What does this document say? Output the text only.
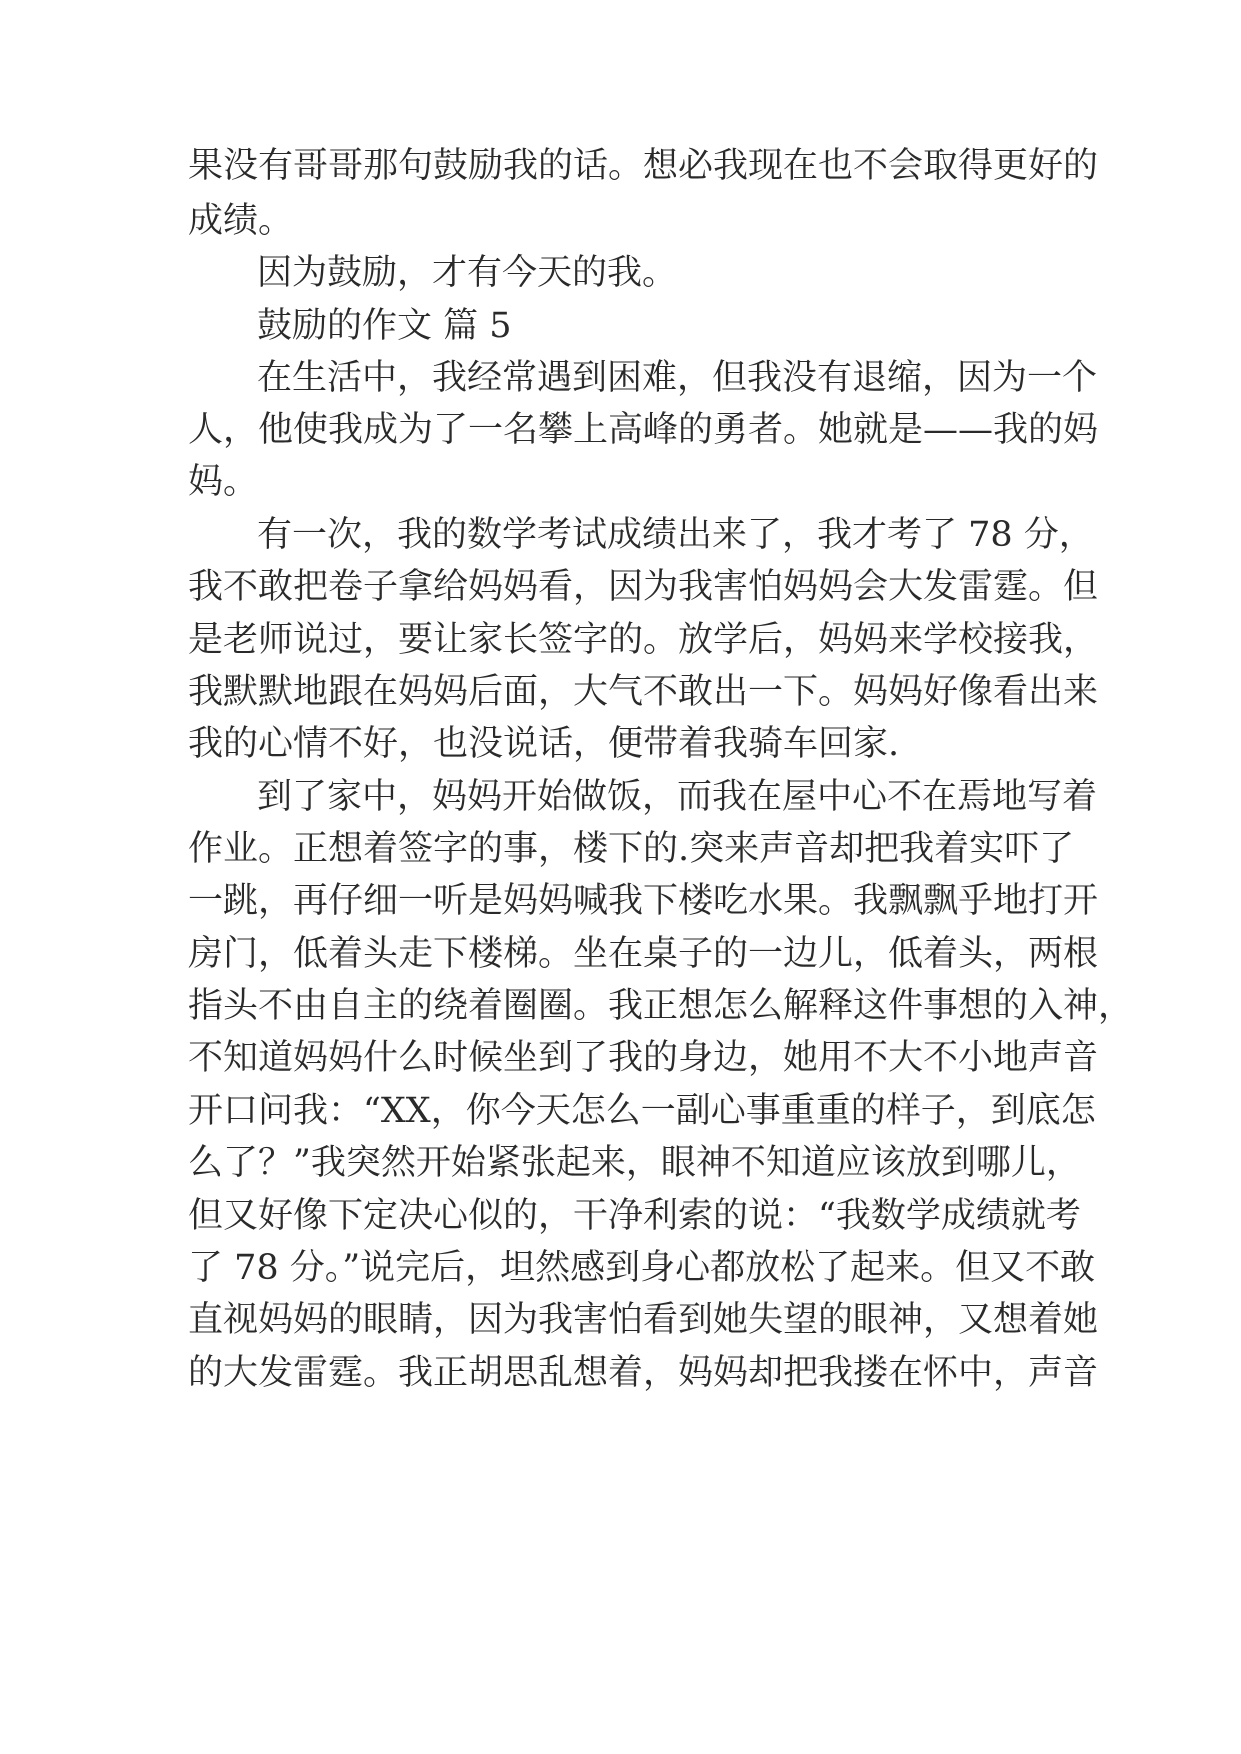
果没有哥哥那句鼓励我的话。想必我现在也不会取得更好的
成绩。
因为鼓励，才有今天的我。
鼓励的作文 篇 5
在生活中，我经常遇到困难，但我没有退缩，因为一个
人，他使我成为了一名攀上高峰的勇者。她就是——我的妈
妈。
有一次，我的数学考试成绩出来了，我才考了 78 分，
我不敢把卷子拿给妈妈看，因为我害怕妈妈会大发雷霆。但
是老师说过，要让家长签字的。放学后，妈妈来学校接我，
我默默地跟在妈妈后面，大气不敢出一下。妈妈好像看出来
我的心情不好，也没说话，便带着我骑车回家.
到了家中，妈妈开始做饭，而我在屋中心不在焉地写着
作业。正想着签字的事，楼下的.突来声音却把我着实吓了
一跳，再仔细一听是妈妈喊我下楼吃水果。我飘飘乎地打开
房门，低着头走下楼梯。坐在桌子的一边儿，低着头，两根
指头不由自主的绕着圈圈。我正想怎么解释这件事想的入神，
不知道妈妈什么时候坐到了我的身边，她用不大不小地声音
开口问我：“XX，你今天怎么一副心事重重的样子，到底怎
么了？”我突然开始紧张起来，眼神不知道应该放到哪儿，
但又好像下定决心似的，干净利索的说：“我数学成绩就考
了 78 分。”说完后，坦然感到身心都放松了起来。但又不敢
直视妈妈的眼睛，因为我害怕看到她失望的眼神，又想着她
的大发雷霆。我正胡思乱想着，妈妈却把我搂在怀中，声音
